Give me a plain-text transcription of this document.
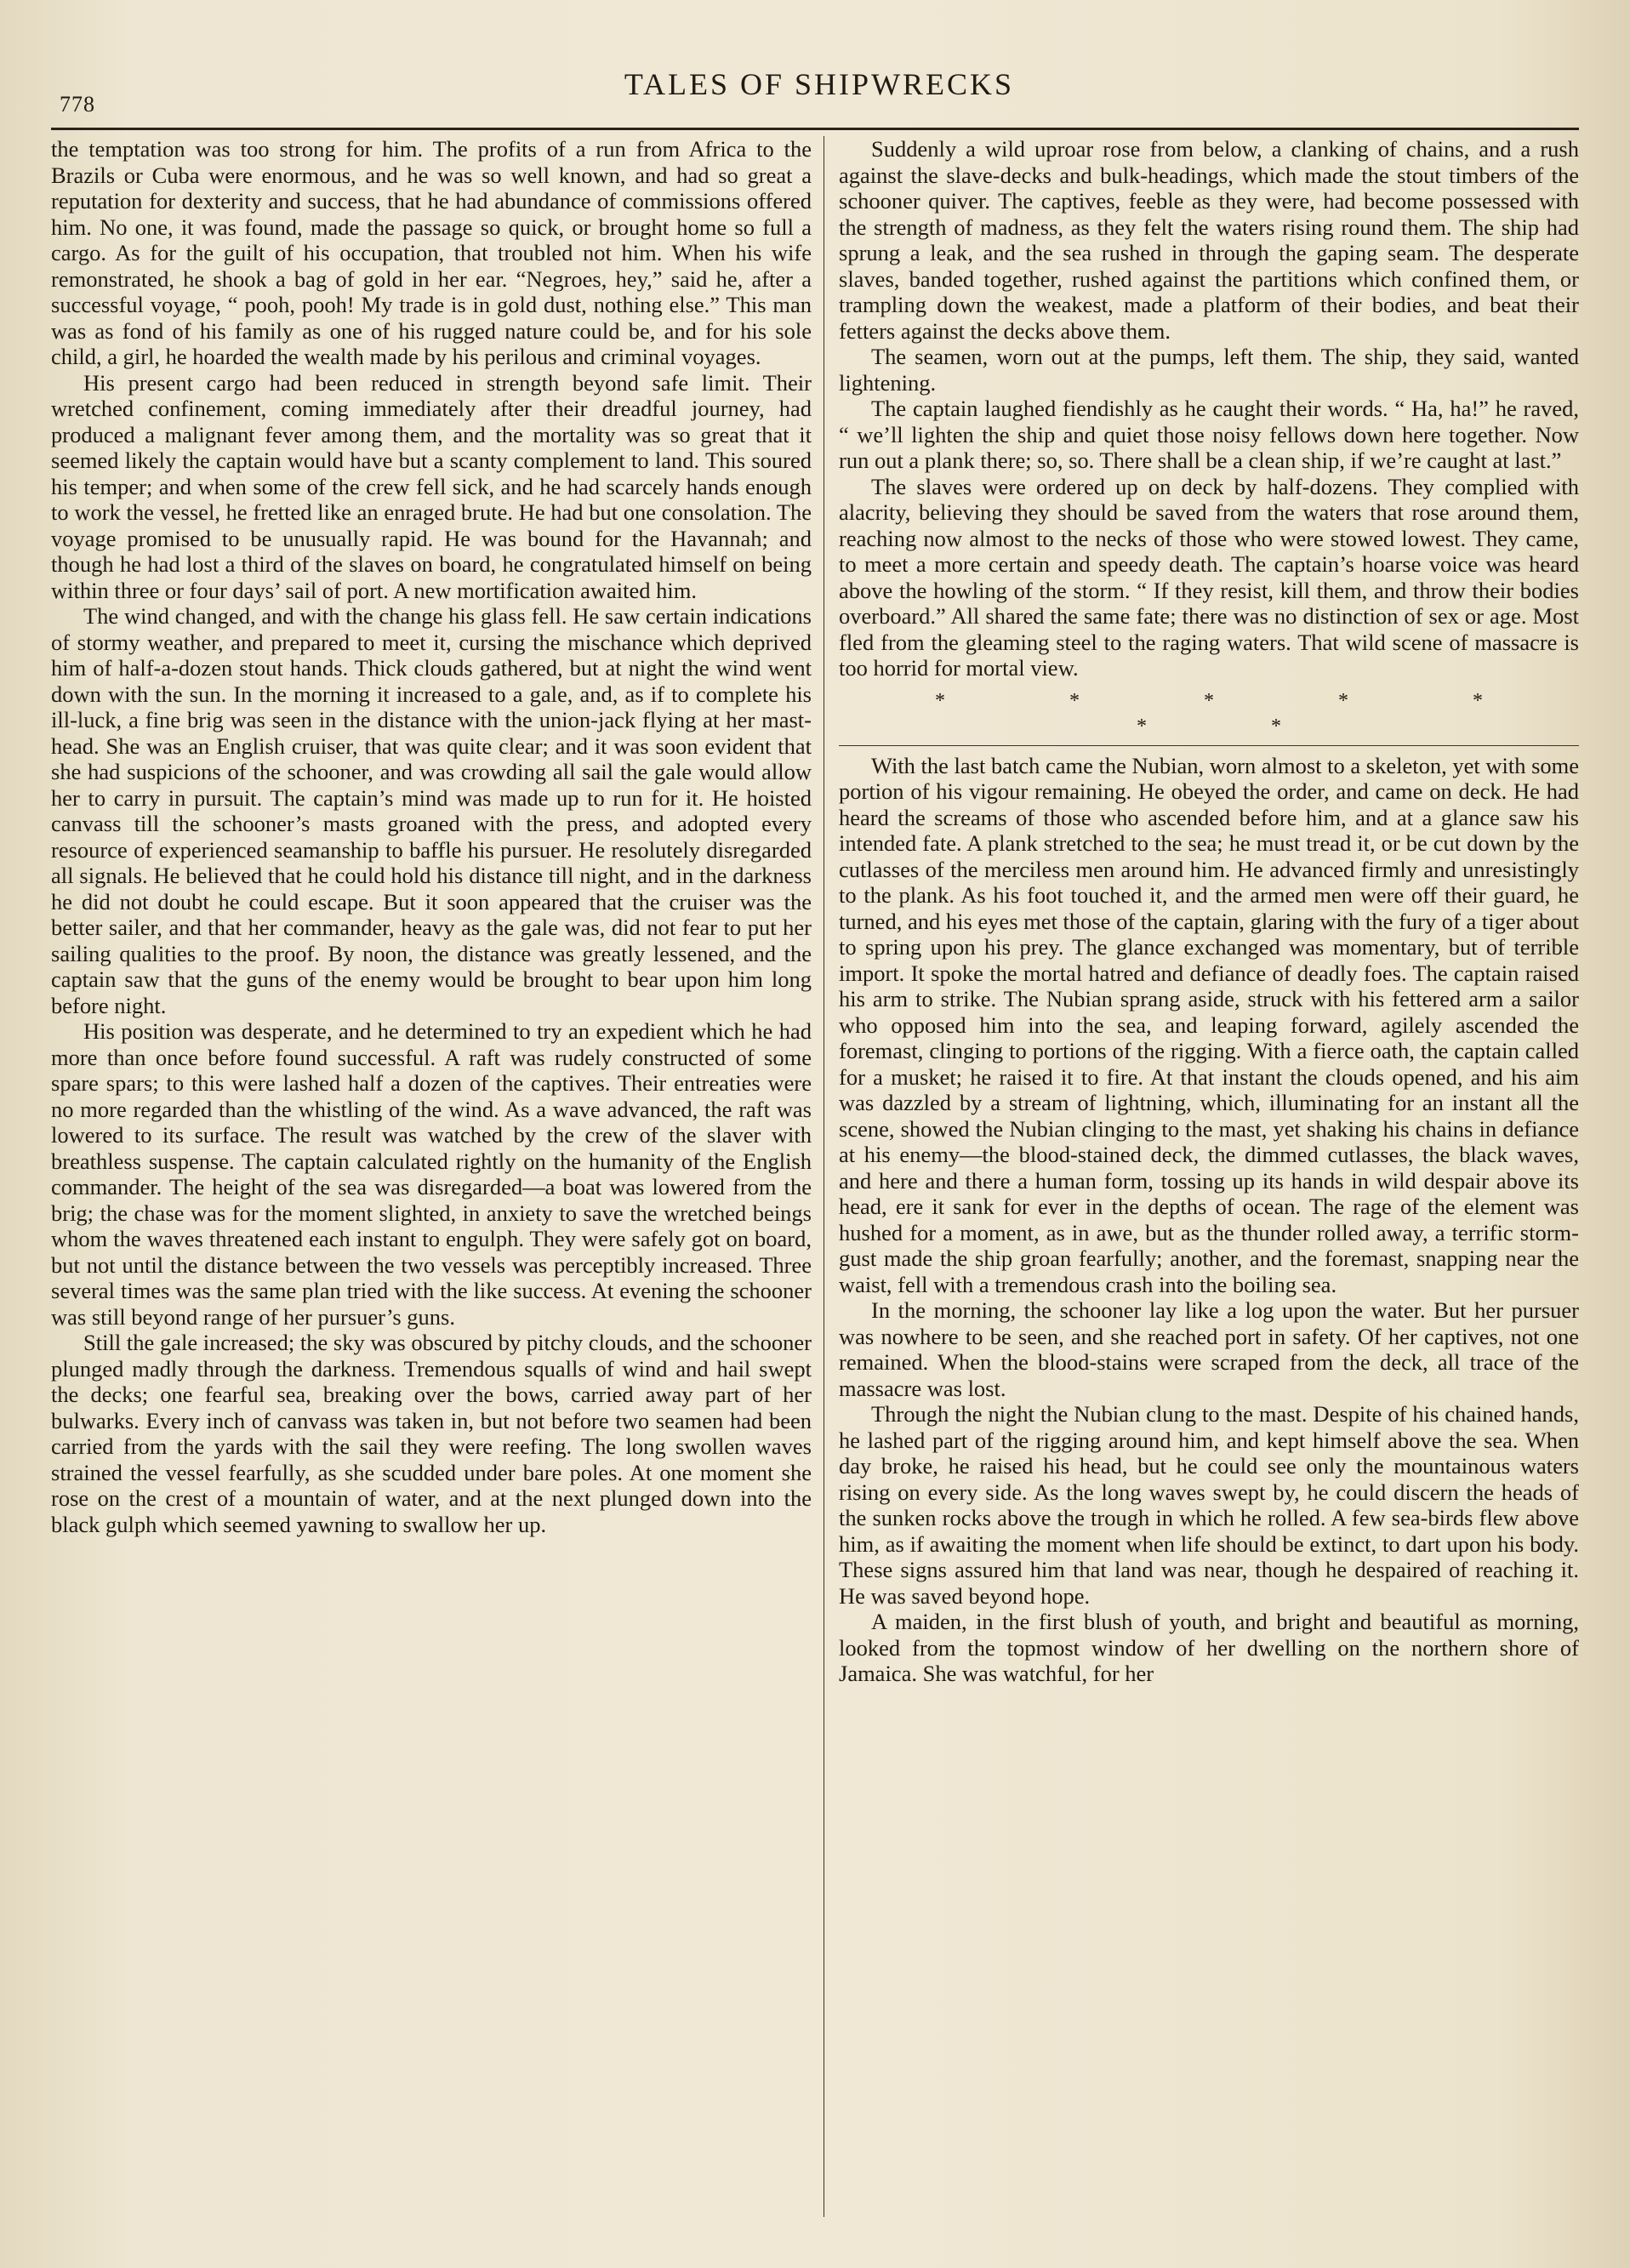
778
TALES OF SHIPWRECKS

the temptation was too strong for him. The profits of a run from Africa to the Brazils or Cuba were enormous, and he was so well known, and had so great a reputation for dexterity and success, that he had abundance of commissions offered him. No one, it was found, made the passage so quick, or brought home so full a cargo. As for the guilt of his occupation, that troubled not him. When his wife remonstrated, he shook a bag of gold in her ear. “Negroes, hey,” said he, after a successful voyage, “ pooh, pooh! My trade is in gold dust, nothing else.” This man was as fond of his family as one of his rugged nature could be, and for his sole child, a girl, he hoarded the wealth made by his perilous and criminal voyages.

His present cargo had been reduced in strength beyond safe limit. Their wretched confinement, coming immediately after their dreadful journey, had produced a malignant fever among them, and the mortality was so great that it seemed likely the captain would have but a scanty complement to land. This soured his temper; and when some of the crew fell sick, and he had scarcely hands enough to work the vessel, he fretted like an enraged brute. He had but one consolation. The voyage promised to be unusually rapid. He was bound for the Havannah; and though he had lost a third of the slaves on board, he congratulated himself on being within three or four days’ sail of port. A new mortification awaited him.

The wind changed, and with the change his glass fell. He saw certain indications of stormy weather, and prepared to meet it, cursing the mischance which deprived him of half-a-dozen stout hands. Thick clouds gathered, but at night the wind went down with the sun. In the morning it increased to a gale, and, as if to complete his ill-luck, a fine brig was seen in the distance with the union-jack flying at her mast-head. She was an English cruiser, that was quite clear; and it was soon evident that she had suspicions of the schooner, and was crowding all sail the gale would allow her to carry in pursuit. The captain’s mind was made up to run for it. He hoisted canvass till the schooner’s masts groaned with the press, and adopted every resource of experienced seamanship to baffle his pursuer. He resolutely disregarded all signals. He believed that he could hold his distance till night, and in the darkness he did not doubt he could escape. But it soon appeared that the cruiser was the better sailer, and that her commander, heavy as the gale was, did not fear to put her sailing qualities to the proof. By noon, the distance was greatly lessened, and the captain saw that the guns of the enemy would be brought to bear upon him long before night.

His position was desperate, and he determined to try an expedient which he had more than once before found successful. A raft was rudely constructed of some spare spars; to this were lashed half a dozen of the captives. Their entreaties were no more regarded than the whistling of the wind. As a wave advanced, the raft was lowered to its surface. The result was watched by the crew of the slaver with breathless suspense. The captain calculated rightly on the humanity of the English commander. The height of the sea was disregarded—a boat was lowered from the brig; the chase was for the moment slighted, in anxiety to save the wretched beings whom the waves threatened each instant to engulph. They were safely got on board, but not until the distance between the two vessels was perceptibly increased. Three several times was the same plan tried with the like success. At evening the schooner was still beyond range of her pursuer’s guns.

Still the gale increased; the sky was obscured by pitchy clouds, and the schooner plunged madly through the darkness. Tremendous squalls of wind and hail swept the decks; one fearful sea, breaking over the bows, carried away part of her bulwarks. Every inch of canvass was taken in, but not before two seamen had been carried from the yards with the sail they were reefing. The long swollen waves strained the vessel fearfully, as she scudded under bare poles. At one moment she rose on the crest of a mountain of water, and at the next plunged down into the black gulph which seemed yawning to swallow her up.

Suddenly a wild uproar rose from below, a clanking of chains, and a rush against the slave-decks and bulk-headings, which made the stout timbers of the schooner quiver. The captives, feeble as they were, had become possessed with the strength of madness, as they felt the waters rising round them. The ship had sprung a leak, and the sea rushed in through the gaping seam. The desperate slaves, banded together, rushed against the partitions which confined them, or trampling down the weakest, made a platform of their bodies, and beat their fetters against the decks above them.

The seamen, worn out at the pumps, left them. The ship, they said, wanted lightening.

The captain laughed fiendishly as he caught their words. “ Ha, ha!” he raved, “ we’ll lighten the ship and quiet those noisy fellows down here together. Now run out a plank there; so, so. There shall be a clean ship, if we’re caught at last.”

The slaves were ordered up on deck by half-dozens. They complied with alacrity, believing they should be saved from the waters that rose around them, reaching now almost to the necks of those who were stowed lowest. They came, to meet a more certain and speedy death. The captain’s hoarse voice was heard above the howling of the storm. “ If they resist, kill them, and throw their bodies overboard.” All shared the same fate; there was no distinction of sex or age. Most fled from the gleaming steel to the raging waters. That wild scene of massacre is too horrid for mortal view.

* * * * * * *

With the last batch came the Nubian, worn almost to a skeleton, yet with some portion of his vigour remaining. He obeyed the order, and came on deck. He had heard the screams of those who ascended before him, and at a glance saw his intended fate. A plank stretched to the sea; he must tread it, or be cut down by the cutlasses of the merciless men around him. He advanced firmly and unresistingly to the plank. As his foot touched it, and the armed men were off their guard, he turned, and his eyes met those of the captain, glaring with the fury of a tiger about to spring upon his prey. The glance exchanged was momentary, but of terrible import. It spoke the mortal hatred and defiance of deadly foes. The captain raised his arm to strike. The Nubian sprang aside, struck with his fettered arm a sailor who opposed him into the sea, and leaping forward, agilely ascended the foremast, clinging to portions of the rigging. With a fierce oath, the captain called for a musket; he raised it to fire. At that instant the clouds opened, and his aim was dazzled by a stream of lightning, which, illuminating for an instant all the scene, showed the Nubian clinging to the mast, yet shaking his chains in defiance at his enemy—the blood-stained deck, the dimmed cutlasses, the black waves, and here and there a human form, tossing up its hands in wild despair above its head, ere it sank for ever in the depths of ocean. The rage of the element was hushed for a moment, as in awe, but as the thunder rolled away, a terrific storm-gust made the ship groan fearfully; another, and the foremast, snapping near the waist, fell with a tremendous crash into the boiling sea.

In the morning, the schooner lay like a log upon the water. But her pursuer was nowhere to be seen, and she reached port in safety. Of her captives, not one remained. When the blood-stains were scraped from the deck, all trace of the massacre was lost.

Through the night the Nubian clung to the mast. Despite of his chained hands, he lashed part of the rigging around him, and kept himself above the sea. When day broke, he raised his head, but he could see only the mountainous waters rising on every side. As the long waves swept by, he could discern the heads of the sunken rocks above the trough in which he rolled. A few sea-birds flew above him, as if awaiting the moment when life should be extinct, to dart upon his body. These signs assured him that land was near, though he despaired of reaching it. He was saved beyond hope.

A maiden, in the first blush of youth, and bright and beautiful as morning, looked from the topmost window of her dwelling on the northern shore of Jamaica. She was watchful, for her
